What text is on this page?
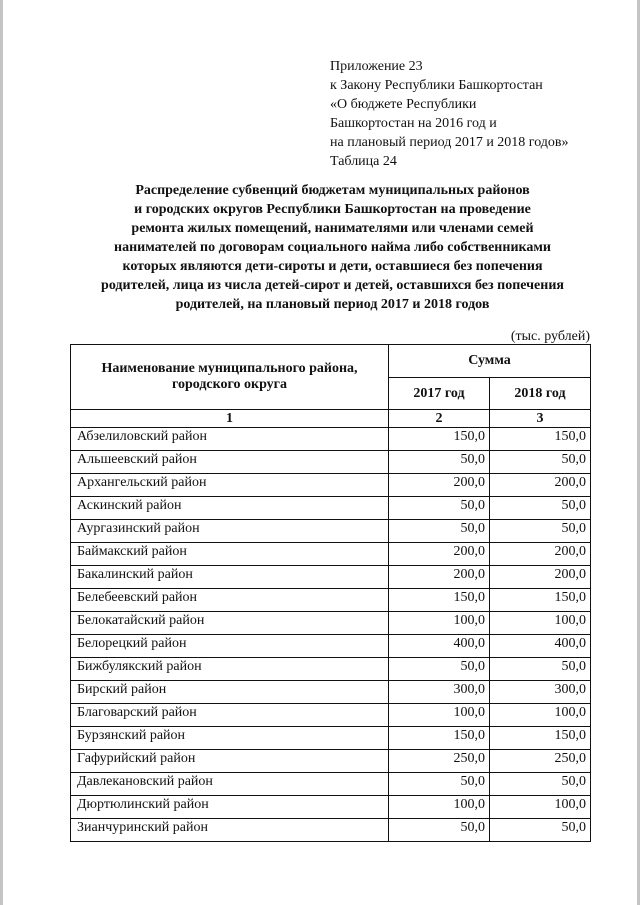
Приложение 23
к Закону Республики Башкортостан
«О бюджете Республики
Башкортостан на 2016 год и
на плановый период 2017 и 2018 годов»
Таблица 24
Распределение субвенций бюджетам муниципальных районов
и городских округов Республики Башкортостан на проведение
ремонта жилых помещений, нанимателями или членами семей
нанимателей по договорам социального найма либо собственниками
которых являются дети-сироты и дети, оставшиеся без попечения
родителей, лица из числа детей-сирот и детей, оставшихся без попечения
родителей, на плановый период 2017 и 2018 годов
(тыс. рублей)
Наименование муниципального района,
городского округа	Сумма	
	2017 год	2018 год
1	2	3
Абзелиловский район	150,0	150,0
Альшеевский район	50,0	50,0
Архангельский район	200,0	200,0
Аскинский район	50,0	50,0
Аургазинский район	50,0	50,0
Баймакский район	200,0	200,0
Бакалинский район	200,0	200,0
Белебеевский район	150,0	150,0
Белокатайский район	100,0	100,0
Белорецкий район	400,0	400,0
Бижбулякский район	50,0	50,0
Бирский район	300,0	300,0
Благоварский район	100,0	100,0
Бурзянский район	150,0	150,0
Гафурийский район	250,0	250,0
Давлекановский район	50,0	50,0
Дюртюлинский район	100,0	100,0
Зианчуринский район	50,0	50,0
